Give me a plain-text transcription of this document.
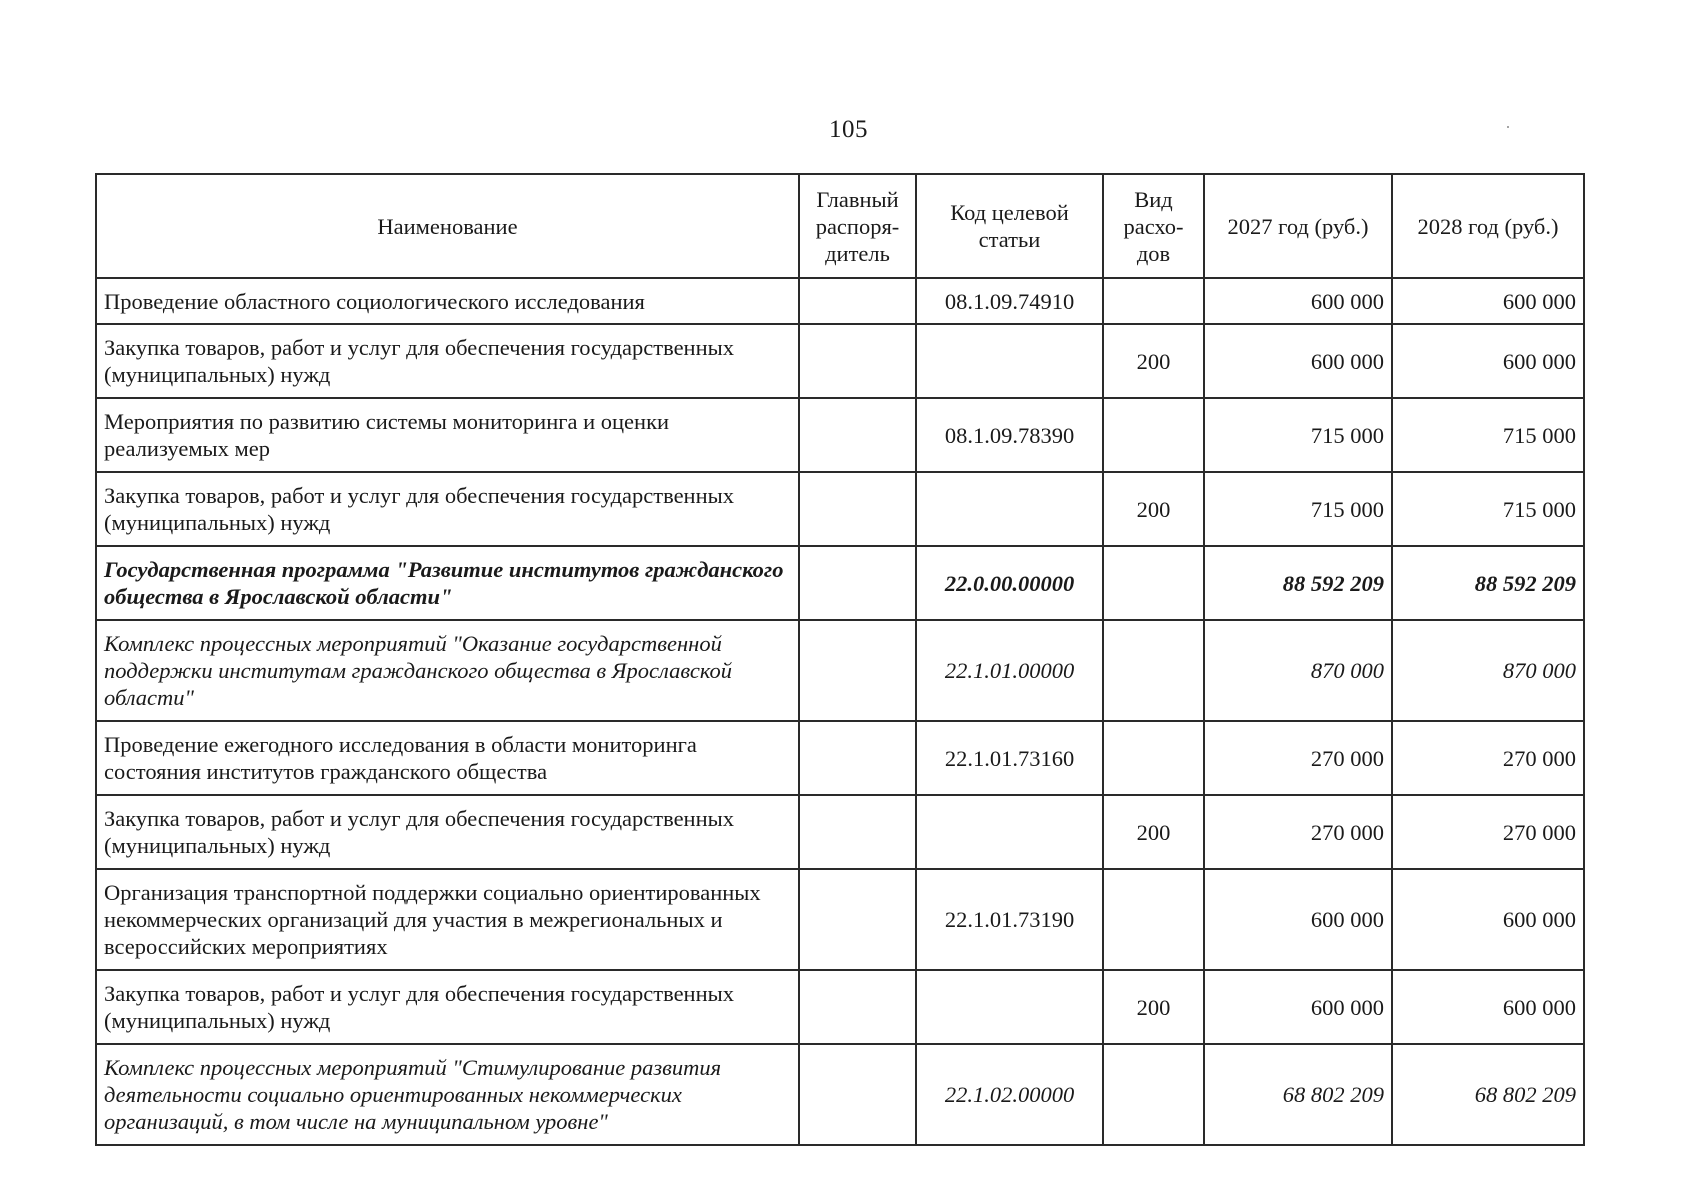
105
Наименование	Главный распоря-дитель	Код целевой статьи	Вид расхо-дов	2027 год (руб.)	2028 год (руб.)
Проведение областного социологического исследования		08.1.09.74910		600 000	600 000
Закупка товаров, работ и услуг для обеспечения государственных (муниципальных) нужд			200	600 000	600 000
Мероприятия по развитию системы мониторинга и оценки реализуемых мер		08.1.09.78390		715 000	715 000
Закупка товаров, работ и услуг для обеспечения государственных (муниципальных) нужд			200	715 000	715 000
Государственная программа "Развитие институтов гражданского общества в Ярославской области"		22.0.00.00000		88 592 209	88 592 209
Комплекс процессных мероприятий "Оказание государственной поддержки институтам гражданского общества в Ярославской области"		22.1.01.00000		870 000	870 000
Проведение ежегодного исследования в области мониторинга состояния институтов гражданского общества		22.1.01.73160		270 000	270 000
Закупка товаров, работ и услуг для обеспечения государственных (муниципальных) нужд			200	270 000	270 000
Организация транспортной поддержки социально ориентированных некоммерческих организаций для участия в межрегиональных и всероссийских мероприятиях		22.1.01.73190		600 000	600 000
Закупка товаров, работ и услуг для обеспечения государственных (муниципальных) нужд			200	600 000	600 000
Комплекс процессных мероприятий "Стимулирование развития деятельности социально ориентированных некоммерческих организаций, в том числе на муниципальном уровне"		22.1.02.00000		68 802 209	68 802 209
